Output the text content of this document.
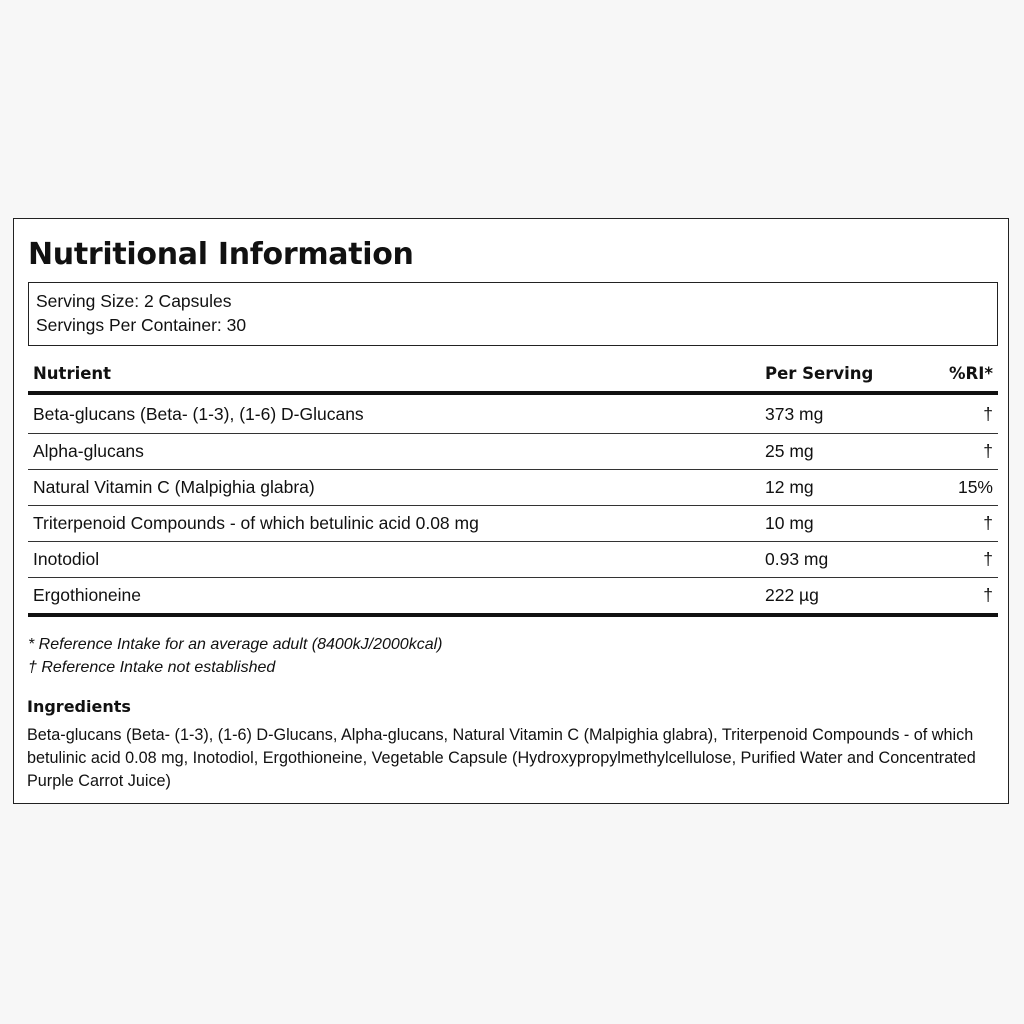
Nutritional Information
Serving Size: 2 Capsules
Servings Per Container: 30
Nutrient	Per Serving	%RI*
Beta-glucans (Beta- (1-3), (1-6) D-Glucans	373 mg	†
Alpha-glucans	25 mg	†
Natural Vitamin C (Malpighia glabra)	12 mg	15%
Triterpenoid Compounds - of which betulinic acid 0.08 mg	10 mg	†
Inotodiol	0.93 mg	†
Ergothioneine	222 µg	†
* Reference Intake for an average adult (8400kJ/2000kcal)
† Reference Intake not established
Ingredients
Beta-glucans (Beta- (1-3), (1-6) D-Glucans, Alpha-glucans, Natural Vitamin C (Malpighia glabra), Triterpenoid Compounds - of which betulinic acid 0.08 mg, Inotodiol, Ergothioneine, Vegetable Capsule (Hydroxypropylmethylcellulose, Purified Water and Concentrated Purple Carrot Juice)
